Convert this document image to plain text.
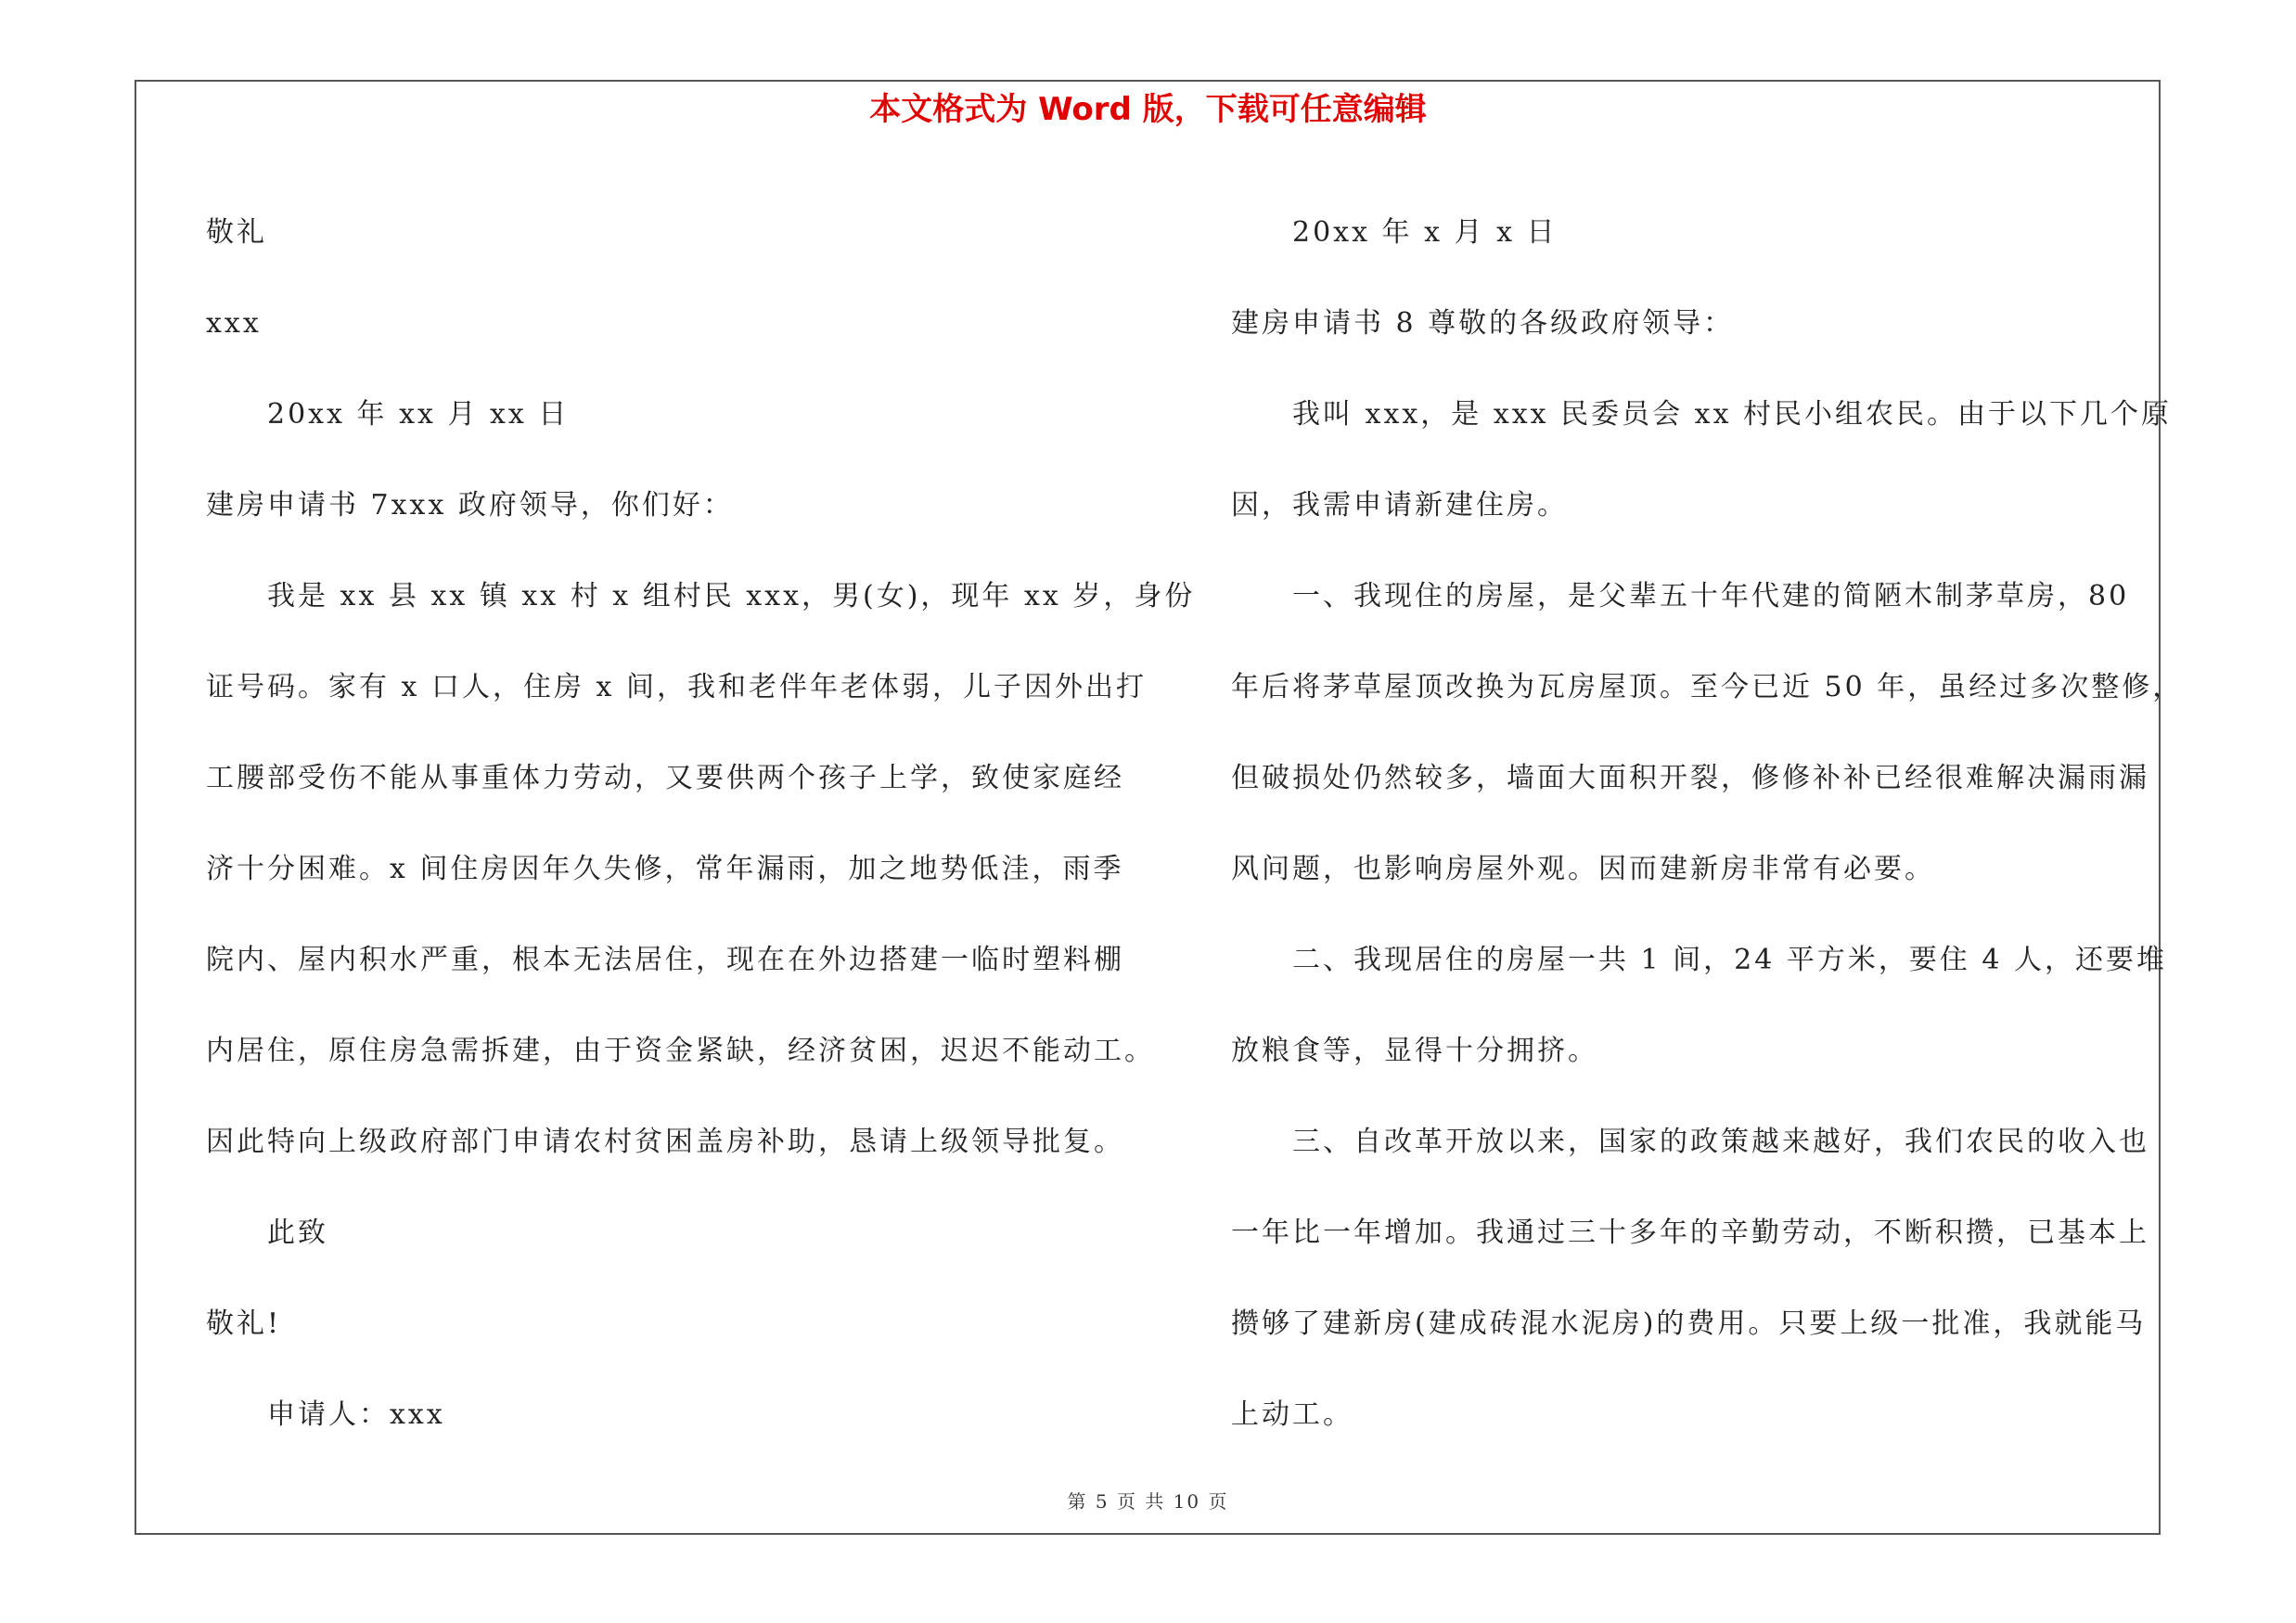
本文格式为 Word 版，下载可任意编辑

敬礼

xxx

20xx 年 xx 月 xx 日

建房申请书 7xxx 政府领导，你们好：

我是 xx 县 xx 镇 xx 村 x 组村民 xxx，男(女)，现年 xx 岁，身份

证号码。家有 x 口人，住房 x 间，我和老伴年老体弱，儿子因外出打

工腰部受伤不能从事重体力劳动，又要供两个孩子上学，致使家庭经

济十分困难。x 间住房因年久失修，常年漏雨，加之地势低洼，雨季

院内、屋内积水严重，根本无法居住，现在在外边搭建一临时塑料棚

内居住，原住房急需拆建，由于资金紧缺，经济贫困，迟迟不能动工。

因此特向上级政府部门申请农村贫困盖房补助，恳请上级领导批复。

此致

敬礼!

申请人：xxx

20xx 年 x 月 x 日

建房申请书 8 尊敬的各级政府领导：

我叫 xxx，是 xxx 民委员会 xx 村民小组农民。由于以下几个原

因，我需申请新建住房。

一、我现住的房屋，是父辈五十年代建的简陋木制茅草房，80

年后将茅草屋顶改换为瓦房屋顶。至今已近 50 年，虽经过多次整修，

但破损处仍然较多，墙面大面积开裂，修修补补已经很难解决漏雨漏

风问题，也影响房屋外观。因而建新房非常有必要。

二、我现居住的房屋一共 1 间，24 平方米，要住 4 人，还要堆

放粮食等，显得十分拥挤。

三、自改革开放以来，国家的政策越来越好，我们农民的收入也

一年比一年增加。我通过三十多年的辛勤劳动，不断积攒，已基本上

攒够了建新房(建成砖混水泥房)的费用。只要上级一批准，我就能马

上动工。

第 5 页 共 10 页
